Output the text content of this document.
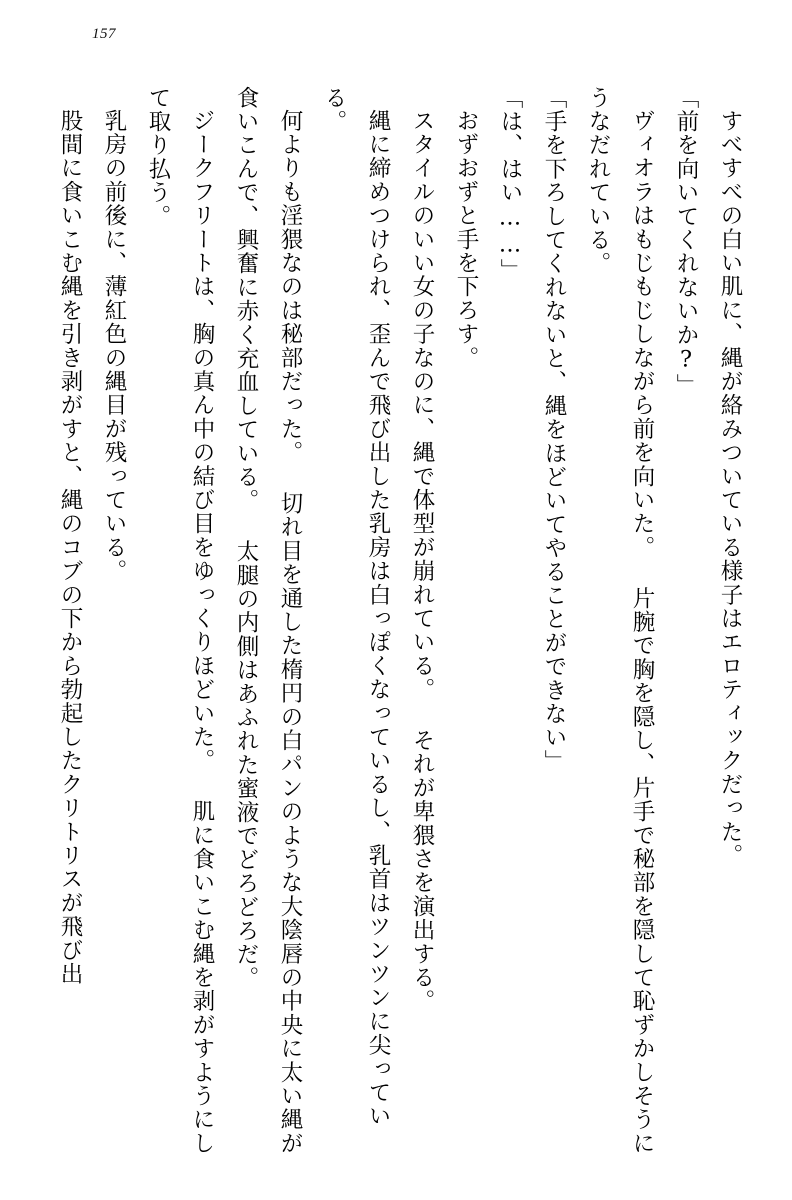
157

すべすべの白い肌に、縄が絡みついている様子はエロティックだった。

「前を向いてくれないか?」

ヴィオラはもじもじしながら前を向いた。 片腕で胸を隠し、片手で秘部を隠して恥ずかしそうにうなだれている。

「手を下ろしてくれないと、縄をほどいてやることができない」

「は、はい……」

おずおずと手を下ろす。

スタイルのいい女の子なのに、縄で体型が崩れている。 それが卑猥さを演出する。

縄に締めつけられ、歪んで飛び出した乳房は白っぽくなっているし、乳首はツンツンに尖っている。

何よりも淫猥なのは秘部だった。 切れ目を通した楕円の白パンのような大陰唇の中央に太い縄が食いこんで、興奮に赤く充血している。 太腿の内側はあふれた蜜液でどろどろだ。

ジークフリートは、胸の真ん中の結び目をゆっくりほどいた。 肌に食いこむ縄を剥がすようにして取り払う。

乳房の前後に、薄紅色の縄目が残っている。

股間に食いこむ縄を引き剥がすと、縄のコブの下から勃起したクリトリスが飛び出
